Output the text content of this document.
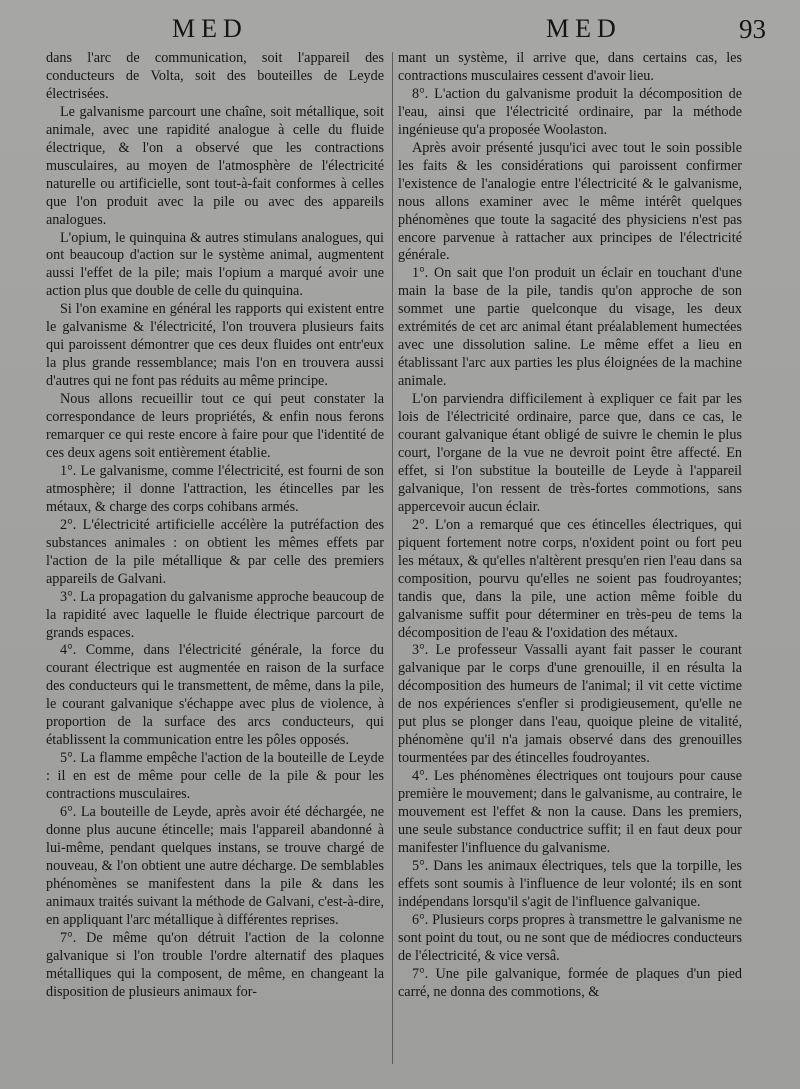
MED	MED	93

dans l'arc de communication, soit l'appareil des conducteurs de Volta, soit des bouteilles de Leyde électrisées.

Le galvanisme parcourt une chaîne, soit métallique, soit animale, avec une rapidité analogue à celle du fluide électrique, & l'on a observé que les contractions musculaires, au moyen de l'atmosphère de l'électricité naturelle ou artificielle, sont tout-à-fait conformes à celles que l'on produit avec la pile ou avec des appareils analogues.

L'opium, le quinquina & autres stimulans analogues, qui ont beaucoup d'action sur le système animal, augmentent aussi l'effet de la pile; mais l'opium a marqué avoir une action plus que double de celle du quinquina.

Si l'on examine en général les rapports qui existent entre le galvanisme & l'électricité, l'on trouvera plusieurs faits qui paroissent démontrer que ces deux fluides ont entr'eux la plus grande ressemblance; mais l'on en trouvera aussi d'autres qui ne font pas réduits au même principe.

Nous allons recueillir tout ce qui peut constater la correspondance de leurs propriétés, & enfin nous ferons remarquer ce qui reste encore à faire pour que l'identité de ces deux agens soit entièrement établie.

1°. Le galvanisme, comme l'électricité, est fourni de son atmosphère; il donne l'attraction, les étincelles par les métaux, & charge des corps cohibans armés.

2°. L'électricité artificielle accélère la putréfaction des substances animales : on obtient les mêmes effets par l'action de la pile métallique & par celle des premiers appareils de Galvani.

3°. La propagation du galvanisme approche beaucoup de la rapidité avec laquelle le fluide électrique parcourt de grands espaces.

4°. Comme, dans l'électricité générale, la force du courant électrique est augmentée en raison de la surface des conducteurs qui le transmettent, de même, dans la pile, le courant galvanique s'échappe avec plus de violence, à proportion de la surface des arcs conducteurs, qui établissent la communication entre les pôles opposés.

5°. La flamme empêche l'action de la bouteille de Leyde : il en est de même pour celle de la pile & pour les contractions musculaires.

6°. La bouteille de Leyde, après avoir été déchargée, ne donne plus aucune étincelle; mais l'appareil abandonné à lui-même, pendant quelques instans, se trouve chargé de nouveau, & l'on obtient une autre décharge. De semblables phénomènes se manifestent dans la pile & dans les animaux traités suivant la méthode de Galvani, c'est-à-dire, en appliquant l'arc métallique à différentes reprises.

7°. De même qu'on détruit l'action de la colonne galvanique si l'on trouble l'ordre alternatif des plaques métalliques qui la composent, de même, en changeant la disposition de plusieurs animaux for-

mant un système, il arrive que, dans certains cas, les contractions musculaires cessent d'avoir lieu.

8°. L'action du galvanisme produit la décomposition de l'eau, ainsi que l'électricité ordinaire, par la méthode ingénieuse qu'a proposée Woolaston.

Après avoir présenté jusqu'ici avec tout le soin possible les faits & les considérations qui paroissent confirmer l'existence de l'analogie entre l'électricité & le galvanisme, nous allons examiner avec le même intérêt quelques phénomènes que toute la sagacité des physiciens n'est pas encore parvenue à rattacher aux principes de l'électricité générale.

1°. On sait que l'on produit un éclair en touchant d'une main la base de la pile, tandis qu'on approche de son sommet une partie quelconque du visage, les deux extrémités de cet arc animal étant préalablement humectées avec une dissolution saline. Le même effet a lieu en établissant l'arc aux parties les plus éloignées de la machine animale.

L'on parviendra difficilement à expliquer ce fait par les lois de l'électricité ordinaire, parce que, dans ce cas, le courant galvanique étant obligé de suivre le chemin le plus court, l'organe de la vue ne devroit point être affecté. En effet, si l'on substitue la bouteille de Leyde à l'appareil galvanique, l'on ressent de très-fortes commotions, sans appercevoir aucun éclair.

2°. L'on a remarqué que ces étincelles électriques, qui piquent fortement notre corps, n'oxident point ou fort peu les métaux, & qu'elles n'altèrent presqu'en rien l'eau dans sa composition, pourvu qu'elles ne soient pas foudroyantes; tandis que, dans la pile, une action même foible du galvanisme suffit pour déterminer en très-peu de tems la décomposition de l'eau & l'oxidation des métaux.

3°. Le professeur Vassalli ayant fait passer le courant galvanique par le corps d'une grenouille, il en résulta la décomposition des humeurs de l'animal; il vit cette victime de nos expériences s'enfler si prodigieusement, qu'elle ne put plus se plonger dans l'eau, quoique pleine de vitalité, phénomène qu'il n'a jamais observé dans des grenouilles tourmentées par des étincelles foudroyantes.

4°. Les phénomènes électriques ont toujours pour cause première le mouvement; dans le galvanisme, au contraire, le mouvement est l'effet & non la cause. Dans les premiers, une seule substance conductrice suffit; il en faut deux pour manifester l'influence du galvanisme.

5°. Dans les animaux électriques, tels que la torpille, les effets sont soumis à l'influence de leur volonté; ils en sont indépendans lorsqu'il s'agit de l'influence galvanique.

6°. Plusieurs corps propres à transmettre le galvanisme ne sont point du tout, ou ne sont que de médiocres conducteurs de l'électricité, & vice versâ.

7°. Une pile galvanique, formée de plaques d'un pied carré, ne donna des commotions, &
